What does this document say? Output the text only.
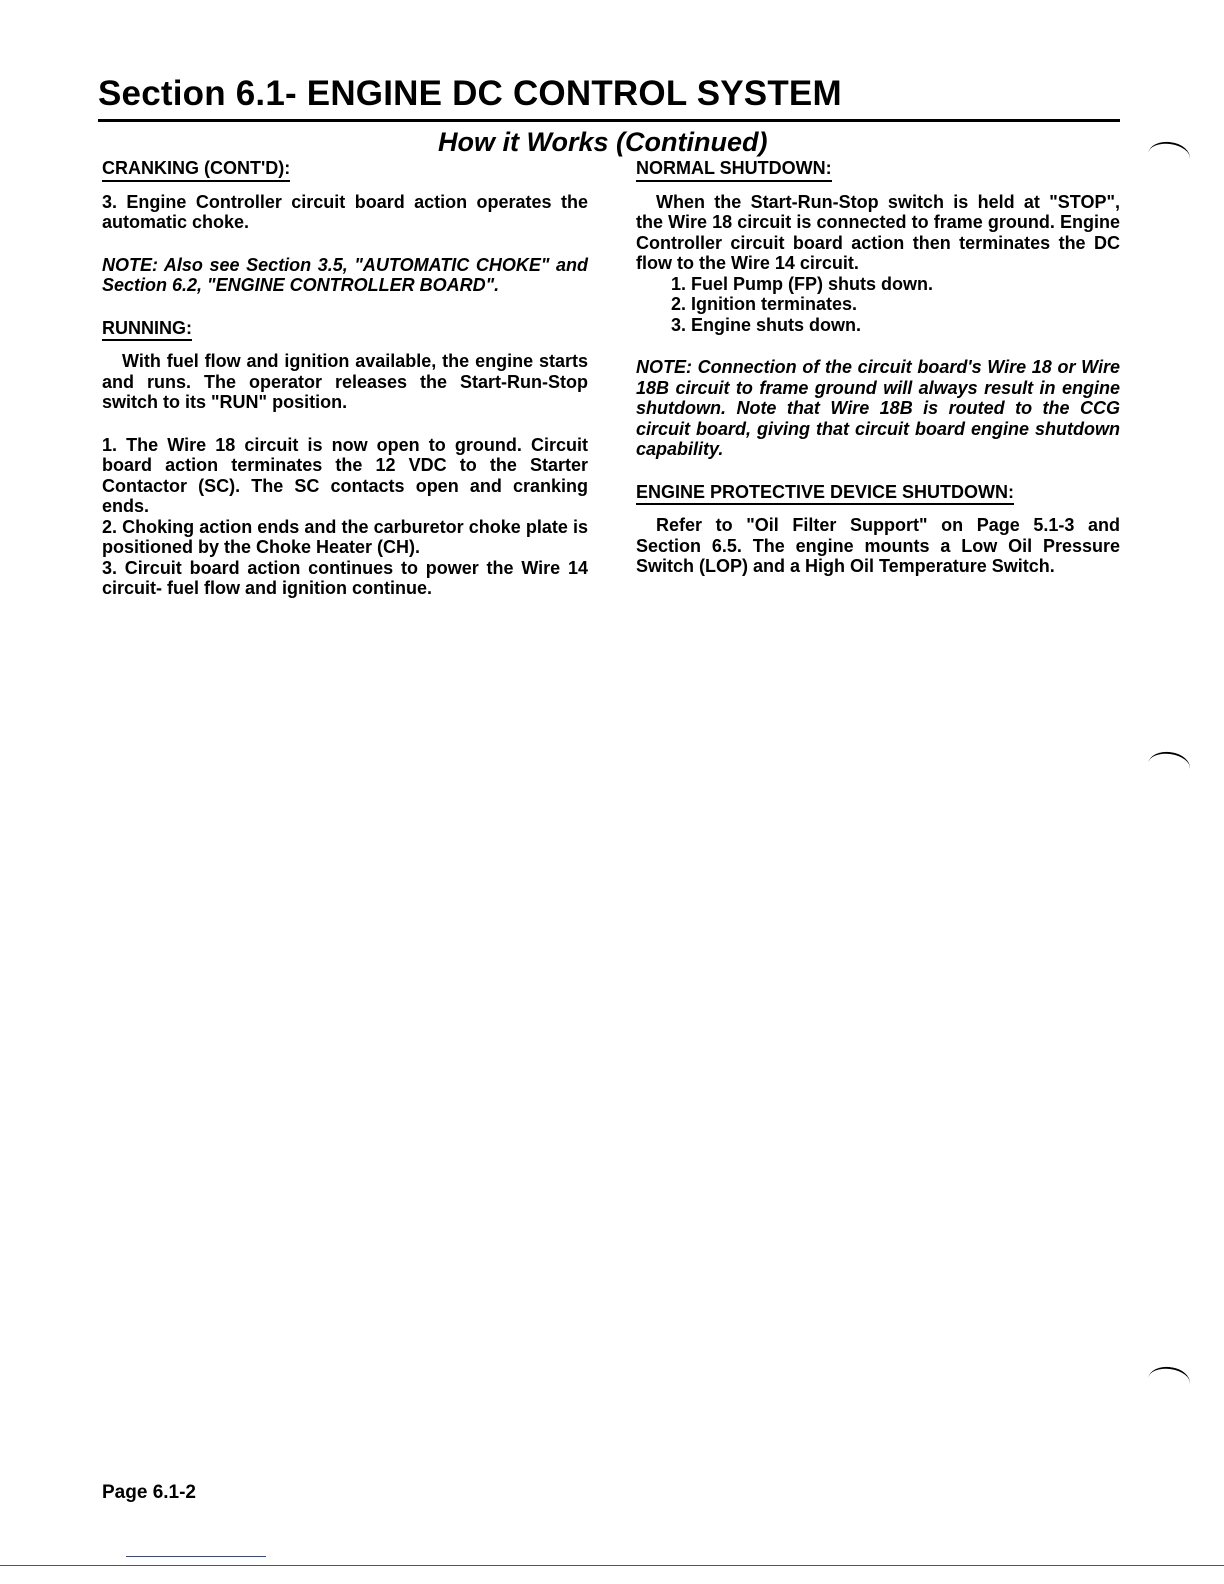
Section 6.1- ENGINE DC CONTROL SYSTEM
How it Works (Continued)
CRANKING (CONT'D):

3. Engine Controller circuit board action operates the automatic choke.

NOTE: Also see Section 3.5, "AUTOMATIC CHOKE" and Section 6.2, "ENGINE CONTROLLER BOARD".

RUNNING:

With fuel flow and ignition available, the engine starts and runs. The operator releases the Start-Run-Stop switch to its "RUN" position.

1. The Wire 18 circuit is now open to ground. Circuit board action terminates the 12 VDC to the Starter Contactor (SC). The SC contacts open and cranking ends.

2. Choking action ends and the carburetor choke plate is positioned by the Choke Heater (CH).

3. Circuit board action continues to power the Wire 14 circuit- fuel flow and ignition continue.

NORMAL SHUTDOWN:

When the Start-Run-Stop switch is held at "STOP", the Wire 18 circuit is connected to frame ground. Engine Controller circuit board action then terminates the DC flow to the Wire 14 circuit.

1. Fuel Pump (FP) shuts down.

2. Ignition terminates.

3. Engine shuts down.

NOTE: Connection of the circuit board's Wire 18 or Wire 18B circuit to frame ground will always result in engine shutdown. Note that Wire 18B is routed to the CCG circuit board, giving that circuit board engine shutdown capability.

ENGINE PROTECTIVE DEVICE SHUTDOWN:

Refer to "Oil Filter Support" on Page 5.1-3 and Section 6.5. The engine mounts a Low Oil Pressure Switch (LOP) and a High Oil Temperature Switch.

Page 6.1-2
